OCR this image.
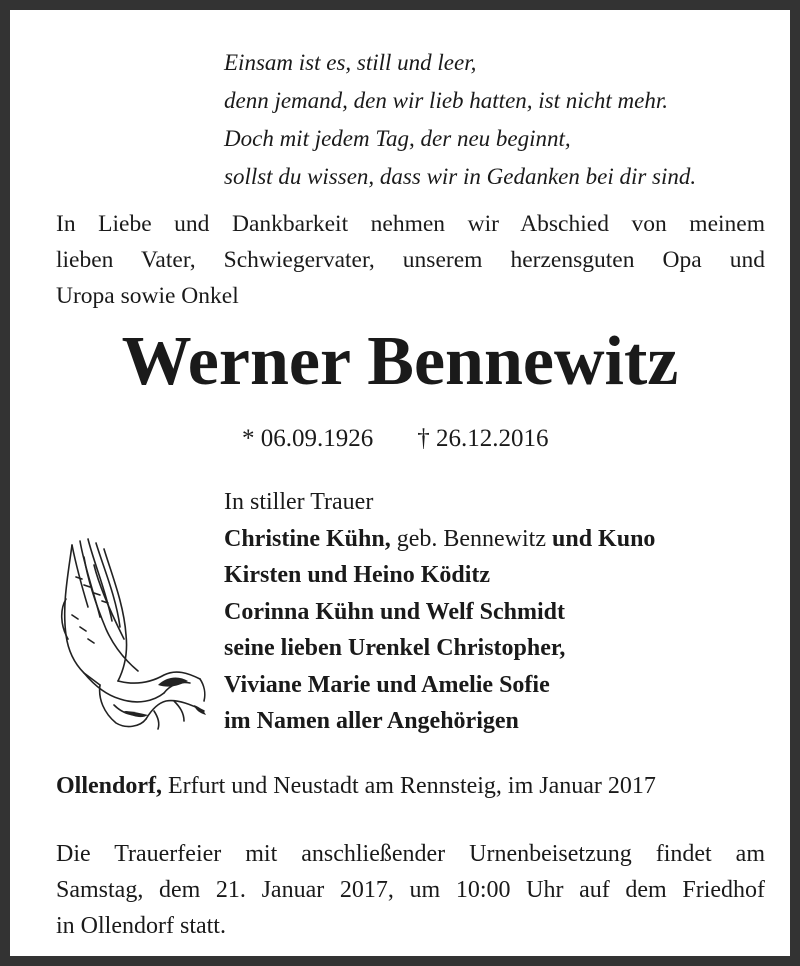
Einsam ist es, still und leer,
denn jemand, den wir lieb hatten, ist nicht mehr.
Doch mit jedem Tag, der neu beginnt,
sollst du wissen, dass wir in Gedanken bei dir sind.
In Liebe und Dankbarkeit nehmen wir Abschied von meinem
lieben Vater, Schwiegervater, unserem herzensguten Opa und
Uropa sowie Onkel
Werner Bennewitz
* 06.09.1926 † 26.12.2016
In stiller Trauer
Christine Kühn, geb. Bennewitz und Kuno
Kirsten und Heino Köditz
Corinna Kühn und Welf Schmidt
seine lieben Urenkel Christopher,
Viviane Marie und Amelie Sofie
im Namen aller Angehörigen
Ollendorf, Erfurt und Neustadt am Rennsteig, im Januar 2017
Die Trauerfeier mit anschließender Urnenbeisetzung findet am
Samstag, dem 21. Januar 2017, um 10:00 Uhr auf dem Friedhof
in Ollendorf statt.
